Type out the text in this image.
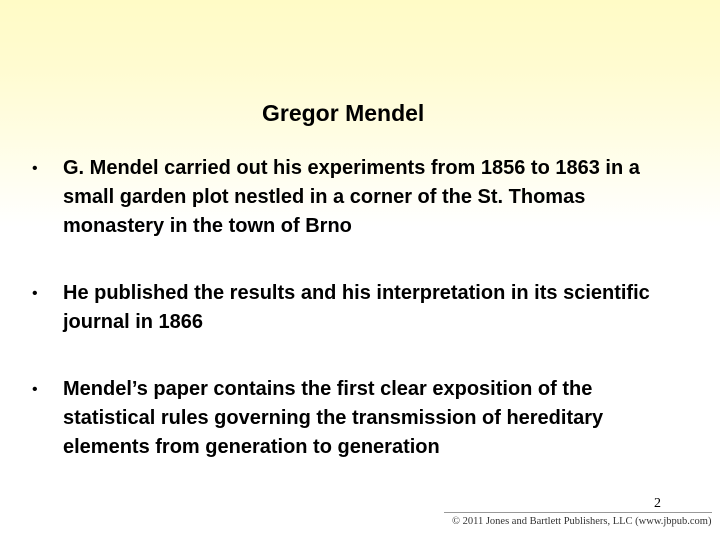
Gregor Mendel
• G. Mendel carried out his experiments from 1856 to 1863 in a small garden plot nestled in a corner of the St. Thomas monastery in the town of Brno
• He published the results and his interpretation in its scientific journal in 1866
• Mendel’s paper contains the first clear exposition of the statistical rules governing the transmission of hereditary elements from generation to generation
2
© 2011 Jones and Bartlett Publishers, LLC (www.jbpub.com)
